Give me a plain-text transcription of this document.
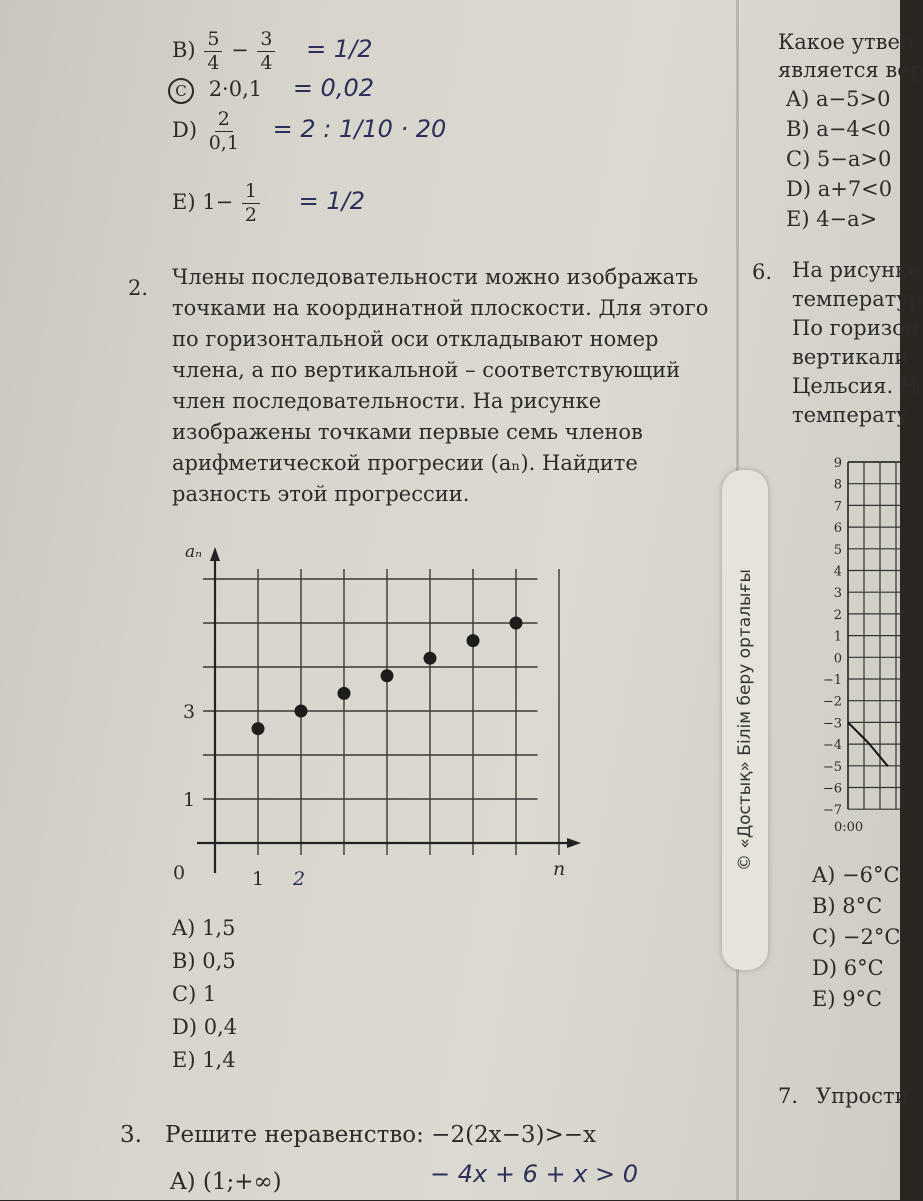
$B) \frac{5}{4} - \frac{3}{4} = 1/2$
C 2·0,1 = 0,02
$D) \frac{2}{0,1} = 2$ : 1/10 · 20
E) $1- \frac{1}{2} = 1/2$
2. Члены последовательности можно изображать
точками на координатной плоскости. Для этого
по горизонтальной оси откладывают номер
члена, а по вертикальной – соответствующий
член последовательности. На рисунке
изображены точками первые семь членов
арифметической прогресии (aₙ). Найдите
разность этой прогрессии.
0	1 2
1
3
n
aₙ
A) 1,5
B) 0,5
C) 1
D) 0,4
E) 1,4
3. Решите неравенство: −2(2x−3)>−x
A) (1;+∞)	− 4x + 6 + x > 0
© «Достық» Білім беру орталығы
Какое утвер
является вер
A) a−5>0
B) a−4<0
C) 5−a>0
D) a+7<0
E) 4−a>
6. На рисунке
температур
По горизон
вертикали
Цельсия. Н
температу
9
8
7
6
5
4
3
2
1
0
−1
−2
−3
−4
−5
−6
−7
0:00
A) −6°C
B) 8°C
C) −2°C
D) 6°C
E) 9°C
7. Упрости
